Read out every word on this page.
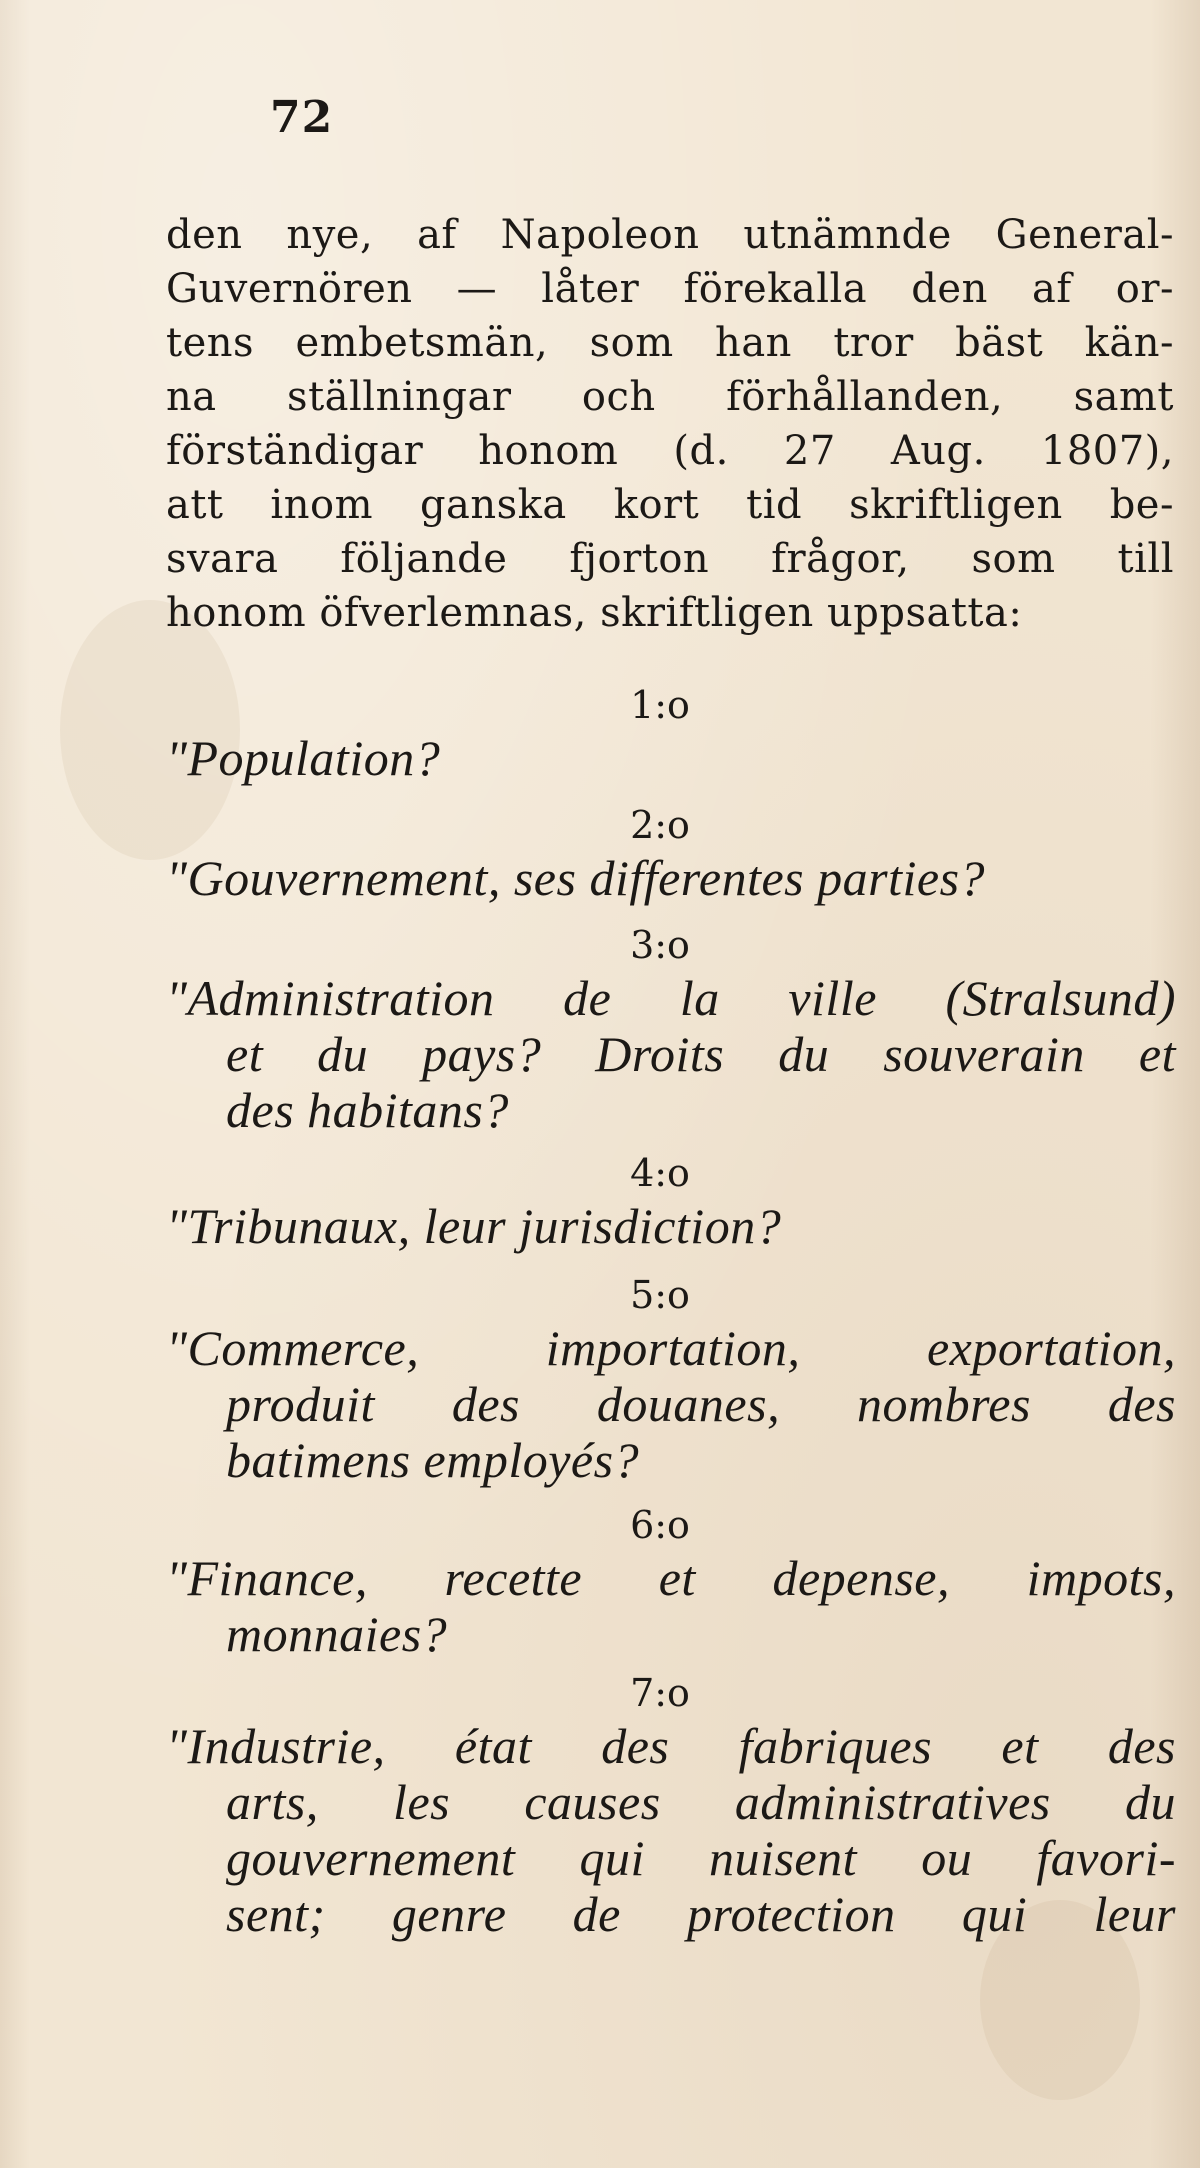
72
den nye, af Napoleon utnämnde General-
Guvernören — låter förekalla den af or-
tens embetsmän, som han tror bäst kän-
na ställningar och förhållanden, samt
förständigar honom (d. 27 Aug. 1807),
att inom ganska kort tid skriftligen be-
svara följande fjorton frågor, som till
honom öfverlemnas, skriftligen uppsatta:
1:o
"Population?
2:o
"Gouvernement, ses differentes parties?
3:o
"Administration de la ville (Stralsund)
et du pays? Droits du souverain et
des habitans?
4:o
"Tribunaux, leur jurisdiction?
5:o
"Commerce, importation, exportation,
produit des douanes, nombres des
batimens employés?
6:o
"Finance, recette et depense, impots,
monnaies?
7:o
"Industrie, état des fabriques et des
arts, les causes administratives du
gouvernement qui nuisent ou favori-
sent; genre de protection qui leur
